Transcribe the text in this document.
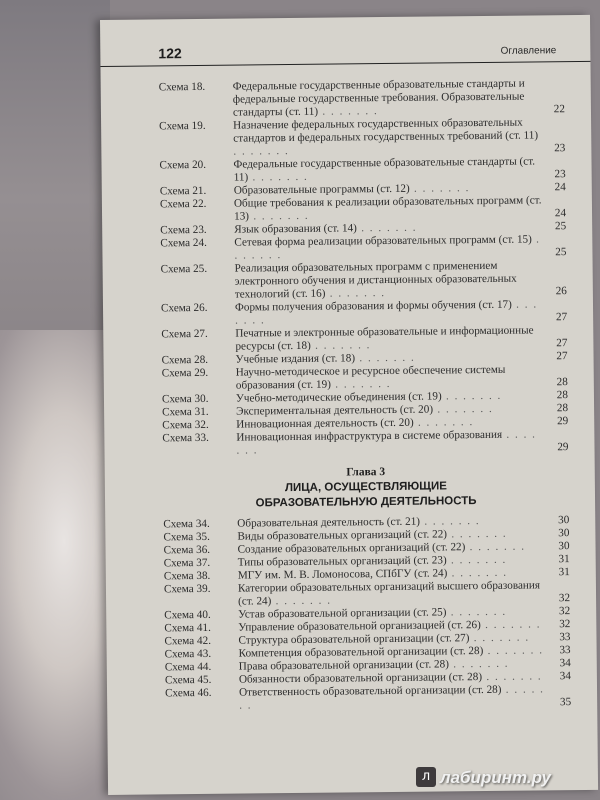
122	Оглавление
Схема 18. Федеральные государственные образовательные стандарты и федеральные государственные требования. Образовательные стандарты (ст. 11) . . . . . . .	22
Схема 19. Назначение федеральных государственных образовательных стандартов и федеральных государственных требований (ст. 11) . . . . . . .	23
Схема 20. Федеральные государственные образовательные стандарты (ст. 11) . . . . . . .	23
Схема 21. Образовательные программы (ст. 12) . . . . . . .	24
Схема 22. Общие требования к реализации образовательных программ (ст. 13) . . . . . . .	24
Схема 23. Язык образования (ст. 14) . . . . . . .	25
Схема 24. Сетевая форма реализации образовательных программ (ст. 15) . . . . . . .	25
Схема 25. Реализация образовательных программ с применением электронного обучения и дистанционных образовательных технологий (ст. 16) . . . . . . .	26
Схема 26. Формы получения образования и формы обучения (ст. 17) . . . . . . .	27
Схема 27. Печатные и электронные образовательные и информационные ресурсы (ст. 18) . . . . . . .	27
Схема 28. Учебные издания (ст. 18) . . . . . . .	27
Схема 29. Научно-методическое и ресурсное обеспечение системы образования (ст. 19) . . . . . . .	28
Схема 30. Учебно-методические объединения (ст. 19) . . . . . . .	28
Схема 31. Экспериментальная деятельность (ст. 20) . . . . . . .	28
Схема 32. Инновационная деятельность (ст. 20) . . . . . . .	29
Схема 33. Инновационная инфраструктура в системе образования . . . . . . .	29
Глава 3
ЛИЦА, ОСУЩЕСТВЛЯЮЩИЕ
ОБРАЗОВАТЕЛЬНУЮ ДЕЯТЕЛЬНОСТЬ
Схема 34. Образовательная деятельность (ст. 21) . . . . . . .	30
Схема 35. Виды образовательных организаций (ст. 22) . . . . . . .	30
Схема 36. Создание образовательных организаций (ст. 22) . . . . . . .	30
Схема 37. Типы образовательных организаций (ст. 23) . . . . . . .	31
Схема 38. МГУ им. М. В. Ломоносова, СПбГУ (ст. 24) . . . . . . .	31
Схема 39. Категории образовательных организаций высшего образования (ст. 24) . . . . . . .	32
Схема 40. Устав образовательной организации (ст. 25) . . . . . . .	32
Схема 41. Управление образовательной организацией (ст. 26) . . . . . . .	32
Схема 42. Структура образовательной организации (ст. 27) . . . . . . .	33
Схема 43. Компетенция образовательной организации (ст. 28) . . . . . . . 33
Схема 44. Права образовательной организации (ст. 28) . . . . . . .	34
Схема 45. Обязанности образовательной организации (ст. 28) . . . . . . .	34
Схема 46. Ответственность образовательной организации (ст. 28) . . . . . . .	35
л лабиринт.ру
